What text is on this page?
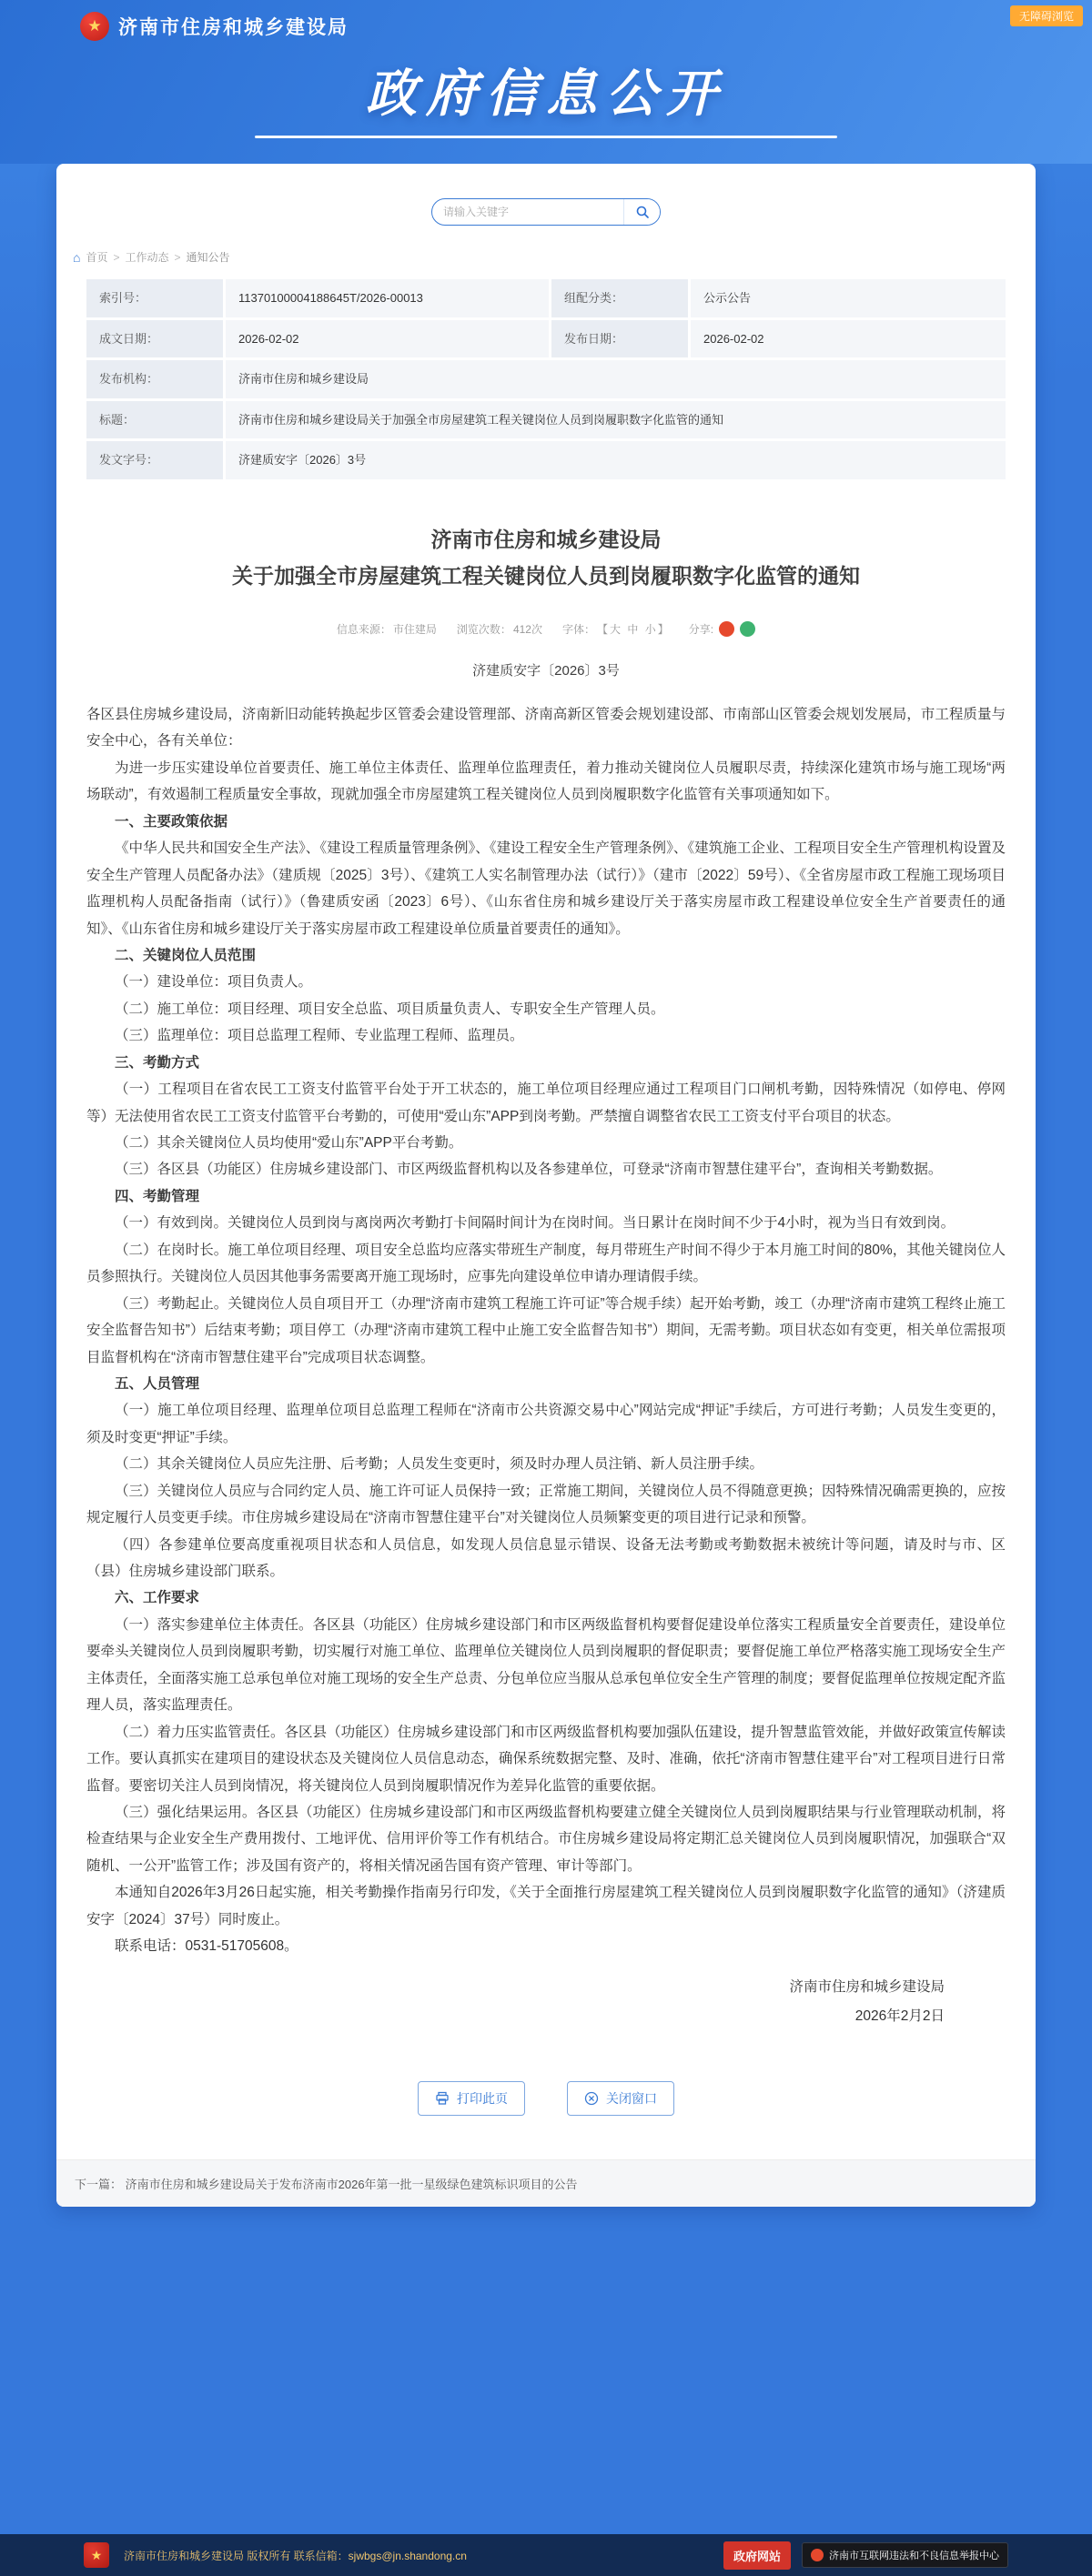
无障碍浏览
★ 济南市住房和城乡建设局
政府信息公开
请输入关键字
⌂ 首页 > 工作动态 > 通知公告
索引号：	11370100004188645T/2026-00013	组配分类：	公示公告
成文日期：	2026-02-02	发布日期：	2026-02-02
发布机构：	济南市住房和城乡建设局
标题：	济南市住房和城乡建设局关于加强全市房屋建筑工程关键岗位人员到岗履职数字化监管的通知
发文字号：	济建质安字〔2026〕3号
济南市住房和城乡建设局
关于加强全市房屋建筑工程关键岗位人员到岗履职数字化监管的通知
信息来源： 市住建局 浏览次数： 412次 字体： 【 大
中
小 】 分享:
济建质安字〔2026〕3号

各区县住房城乡建设局，济南新旧动能转换起步区管委会建设管理部、济南高新区管委会规划建设部、市南部山区管委会规划发展局，市工程质量与安全中心，各有关单位：

为进一步压实建设单位首要责任、施工单位主体责任、监理单位监理责任，着力推动关键岗位人员履职尽责，持续深化建筑市场与施工现场“两场联动”，有效遏制工程质量安全事故，现就加强全市房屋建筑工程关键岗位人员到岗履职数字化监管有关事项通知如下。

一、主要政策依据

《中华人民共和国安全生产法》、《建设工程质量管理条例》、《建设工程安全生产管理条例》、《建筑施工企业、工程项目安全生产管理机构设置及安全生产管理人员配备办法》（建质规〔2025〕3号）、《建筑工人实名制管理办法（试行）》（建市〔2022〕59号）、《全省房屋市政工程施工现场项目监理机构人员配备指南（试行）》（鲁建质安函〔2023〕6号）、《山东省住房和城乡建设厅关于落实房屋市政工程建设单位安全生产首要责任的通知》、《山东省住房和城乡建设厅关于落实房屋市政工程建设单位质量首要责任的通知》。

二、关键岗位人员范围

（一）建设单位：项目负责人。

（二）施工单位：项目经理、项目安全总监、项目质量负责人、专职安全生产管理人员。

（三）监理单位：项目总监理工程师、专业监理工程师、监理员。

三、考勤方式

（一）工程项目在省农民工工资支付监管平台处于开工状态的，施工单位项目经理应通过工程项目门口闸机考勤，因特殊情况（如停电、停网等）无法使用省农民工工资支付监管平台考勤的，可使用“爱山东”APP到岗考勤。严禁擅自调整省农民工工资支付平台项目的状态。

（二）其余关键岗位人员均使用“爱山东”APP平台考勤。

（三）各区县（功能区）住房城乡建设部门、市区两级监督机构以及各参建单位，可登录“济南市智慧住建平台”，查询相关考勤数据。

四、考勤管理

（一）有效到岗。关键岗位人员到岗与离岗两次考勤打卡间隔时间计为在岗时间。当日累计在岗时间不少于4小时，视为当日有效到岗。

（二）在岗时长。施工单位项目经理、项目安全总监均应落实带班生产制度，每月带班生产时间不得少于本月施工时间的80%，其他关键岗位人员参照执行。关键岗位人员因其他事务需要离开施工现场时，应事先向建设单位申请办理请假手续。

（三）考勤起止。关键岗位人员自项目开工（办理“济南市建筑工程施工许可证”等合规手续）起开始考勤，竣工（办理“济南市建筑工程终止施工安全监督告知书”）后结束考勤；项目停工（办理“济南市建筑工程中止施工安全监督告知书”）期间，无需考勤。项目状态如有变更，相关单位需报项目监督机构在“济南市智慧住建平台”完成项目状态调整。

五、人员管理

（一）施工单位项目经理、监理单位项目总监理工程师在“济南市公共资源交易中心”网站完成“押证”手续后，方可进行考勤；人员发生变更的，须及时变更“押证”手续。

（二）其余关键岗位人员应先注册、后考勤；人员发生变更时，须及时办理人员注销、新人员注册手续。

（三）关键岗位人员应与合同约定人员、施工许可证人员保持一致；正常施工期间，关键岗位人员不得随意更换；因特殊情况确需更换的，应按规定履行人员变更手续。市住房城乡建设局在“济南市智慧住建平台”对关键岗位人员频繁变更的项目进行记录和预警。

（四）各参建单位要高度重视项目状态和人员信息，如发现人员信息显示错误、设备无法考勤或考勤数据未被统计等问题，请及时与市、区（县）住房城乡建设部门联系。

六、工作要求

（一）落实参建单位主体责任。各区县（功能区）住房城乡建设部门和市区两级监督机构要督促建设单位落实工程质量安全首要责任，建设单位要牵头关键岗位人员到岗履职考勤，切实履行对施工单位、监理单位关键岗位人员到岗履职的督促职责；要督促施工单位严格落实施工现场安全生产主体责任，全面落实施工总承包单位对施工现场的安全生产总责、分包单位应当服从总承包单位安全生产管理的制度；要督促监理单位按规定配齐监理人员，落实监理责任。

（二）着力压实监管责任。各区县（功能区）住房城乡建设部门和市区两级监督机构要加强队伍建设，提升智慧监管效能，并做好政策宣传解读工作。要认真抓实在建项目的建设状态及关键岗位人员信息动态，确保系统数据完整、及时、准确，依托“济南市智慧住建平台”对工程项目进行日常监督。要密切关注人员到岗情况，将关键岗位人员到岗履职情况作为差异化监管的重要依据。

（三）强化结果运用。各区县（功能区）住房城乡建设部门和市区两级监督机构要建立健全关键岗位人员到岗履职结果与行业管理联动机制，将检查结果与企业安全生产费用拨付、工地评优、信用评价等工作有机结合。市住房城乡建设局将定期汇总关键岗位人员到岗履职情况，加强联合“双随机、一公开”监管工作；涉及国有资产的，将相关情况函告国有资产管理、审计等部门。

本通知自2026年3月26日起实施，相关考勤操作指南另行印发，《关于全面推行房屋建筑工程关键岗位人员到岗履职数字化监管的通知》（济建质安字〔2024〕37号）同时废止。

联系电话：0531-51705608。

济南市住房和城乡建设局
2026年2月2日
打印此页	关闭窗口
下一篇： 济南市住房和城乡建设局关于发布济南市2026年第一批一星级绿色建筑标识项目的公告
★	济南市住房和城乡建设局 版权所有 联系信箱：sjwbgs@jn.shandong.cn	政府网站	济南市互联网违法和不良信息举报中心
